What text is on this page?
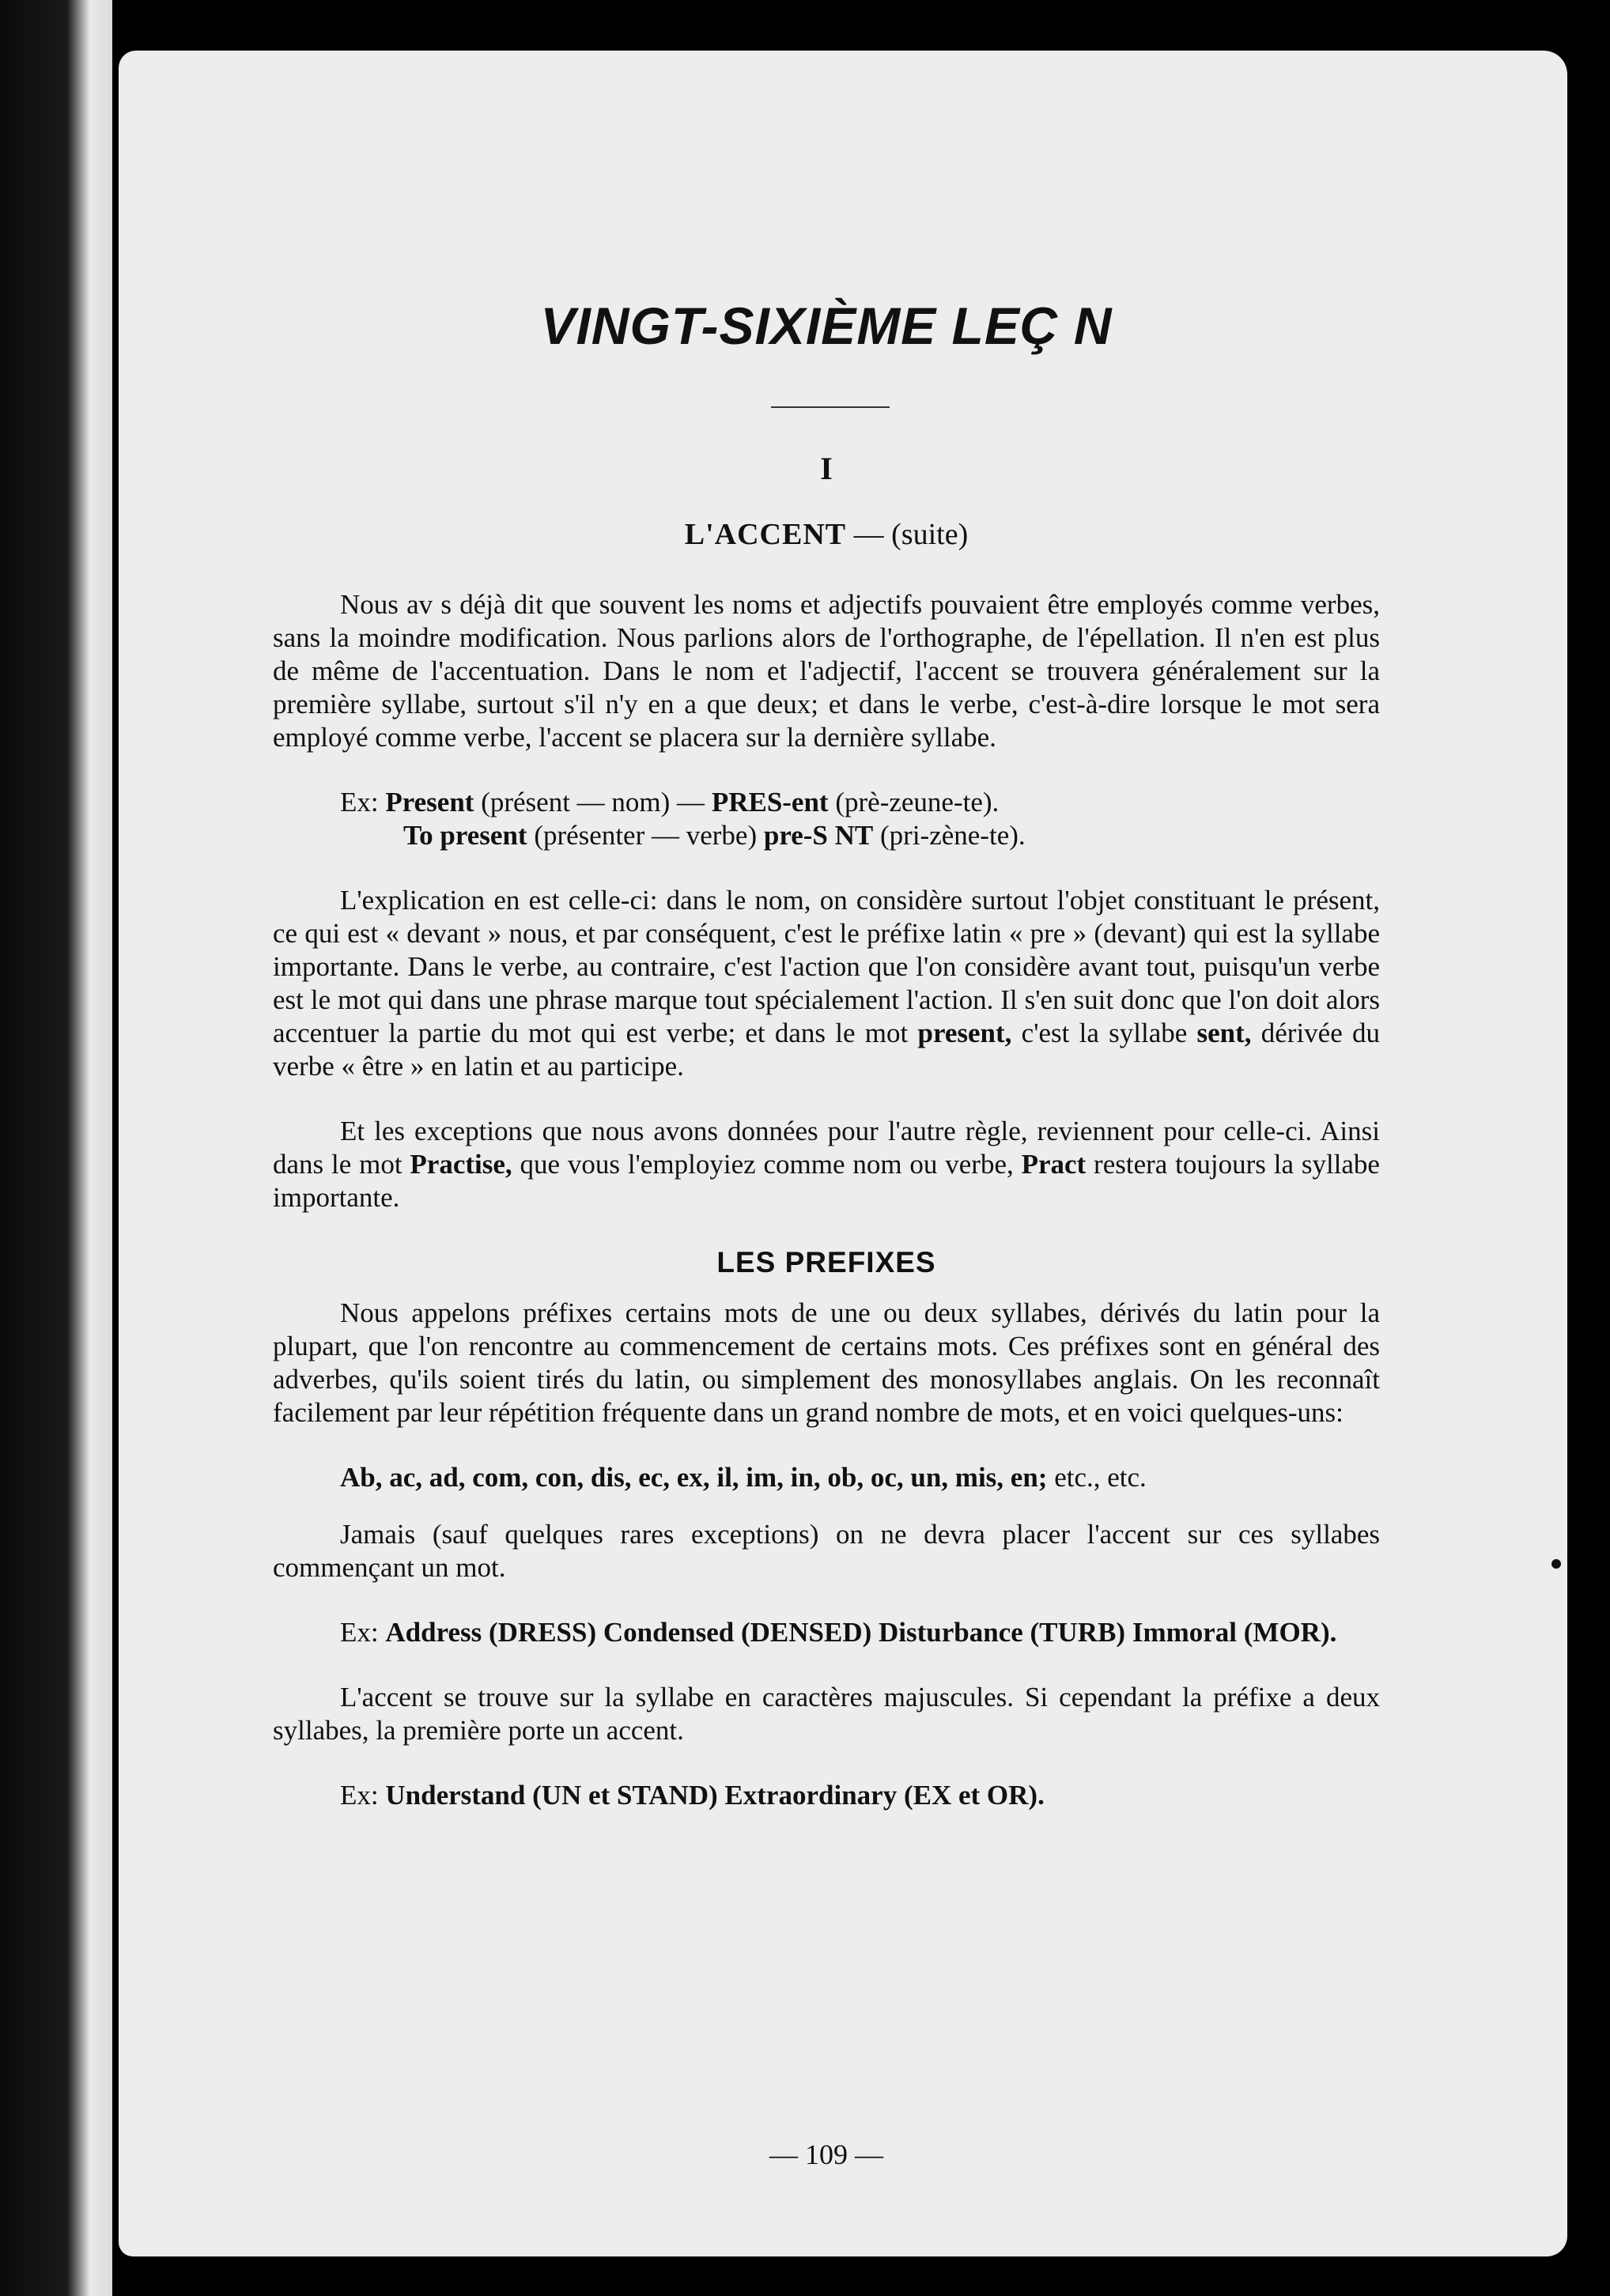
VINGT-SIXIÈME LEÇ N
I
L'ACCENT — (suite)

Nous av s déjà dit que souvent les noms et adjectifs pouvaient être employés comme verbes, sans la moindre modification. Nous parlions alors de l'orthographe, de l'épellation. Il n'en est plus de même de l'accentuation. Dans le nom et l'adjectif, l'accent se trouvera généralement sur la première syllabe, surtout s'il n'y en a que deux; et dans le verbe, c'est-à-dire lorsque le mot sera employé comme verbe, l'accent se placera sur la dernière syllabe.

Ex: Present (présent — nom) — PRES-ent (prè-zeune-te).
To present (présenter — verbe) pre-S NT (pri-zène-te).

L'explication en est celle-ci: dans le nom, on considère surtout l'objet constituant le présent, ce qui est « devant » nous, et par conséquent, c'est le préfixe latin « pre » (devant) qui est la syllabe importante. Dans le verbe, au contraire, c'est l'action que l'on considère avant tout, puisqu'un verbe est le mot qui dans une phrase marque tout spécialement l'action. Il s'en suit donc que l'on doit alors accentuer la partie du mot qui est verbe; et dans le mot present, c'est la syllabe sent, dérivée du verbe « être » en latin et au participe.

Et les exceptions que nous avons données pour l'autre règle, reviennent pour celle-ci. Ainsi dans le mot Practise, que vous l'employiez comme nom ou verbe, Pract restera toujours la syllabe importante.

LES PREFIXES

Nous appelons préfixes certains mots de une ou deux syllabes, dérivés du latin pour la plupart, que l'on rencontre au commencement de certains mots. Ces préfixes sont en général des adverbes, qu'ils soient tirés du latin, ou simplement des monosyllabes anglais. On les reconnaît facilement par leur répétition fréquente dans un grand nombre de mots, et en voici quelques-uns:

Ab, ac, ad, com, con, dis, ec, ex, il, im, in, ob, oc, un, mis, en; etc., etc.

Jamais (sauf quelques rares exceptions) on ne devra placer l'accent sur ces syllabes commençant un mot.

Ex: Address (DRESS) Condensed (DENSED) Disturbance (TURB) Immoral (MOR).

L'accent se trouve sur la syllabe en caractères majuscules. Si cependant la préfixe a deux syllabes, la première porte un accent.

Ex: Understand (UN et STAND) Extraordinary (EX et OR).

— 109 —
